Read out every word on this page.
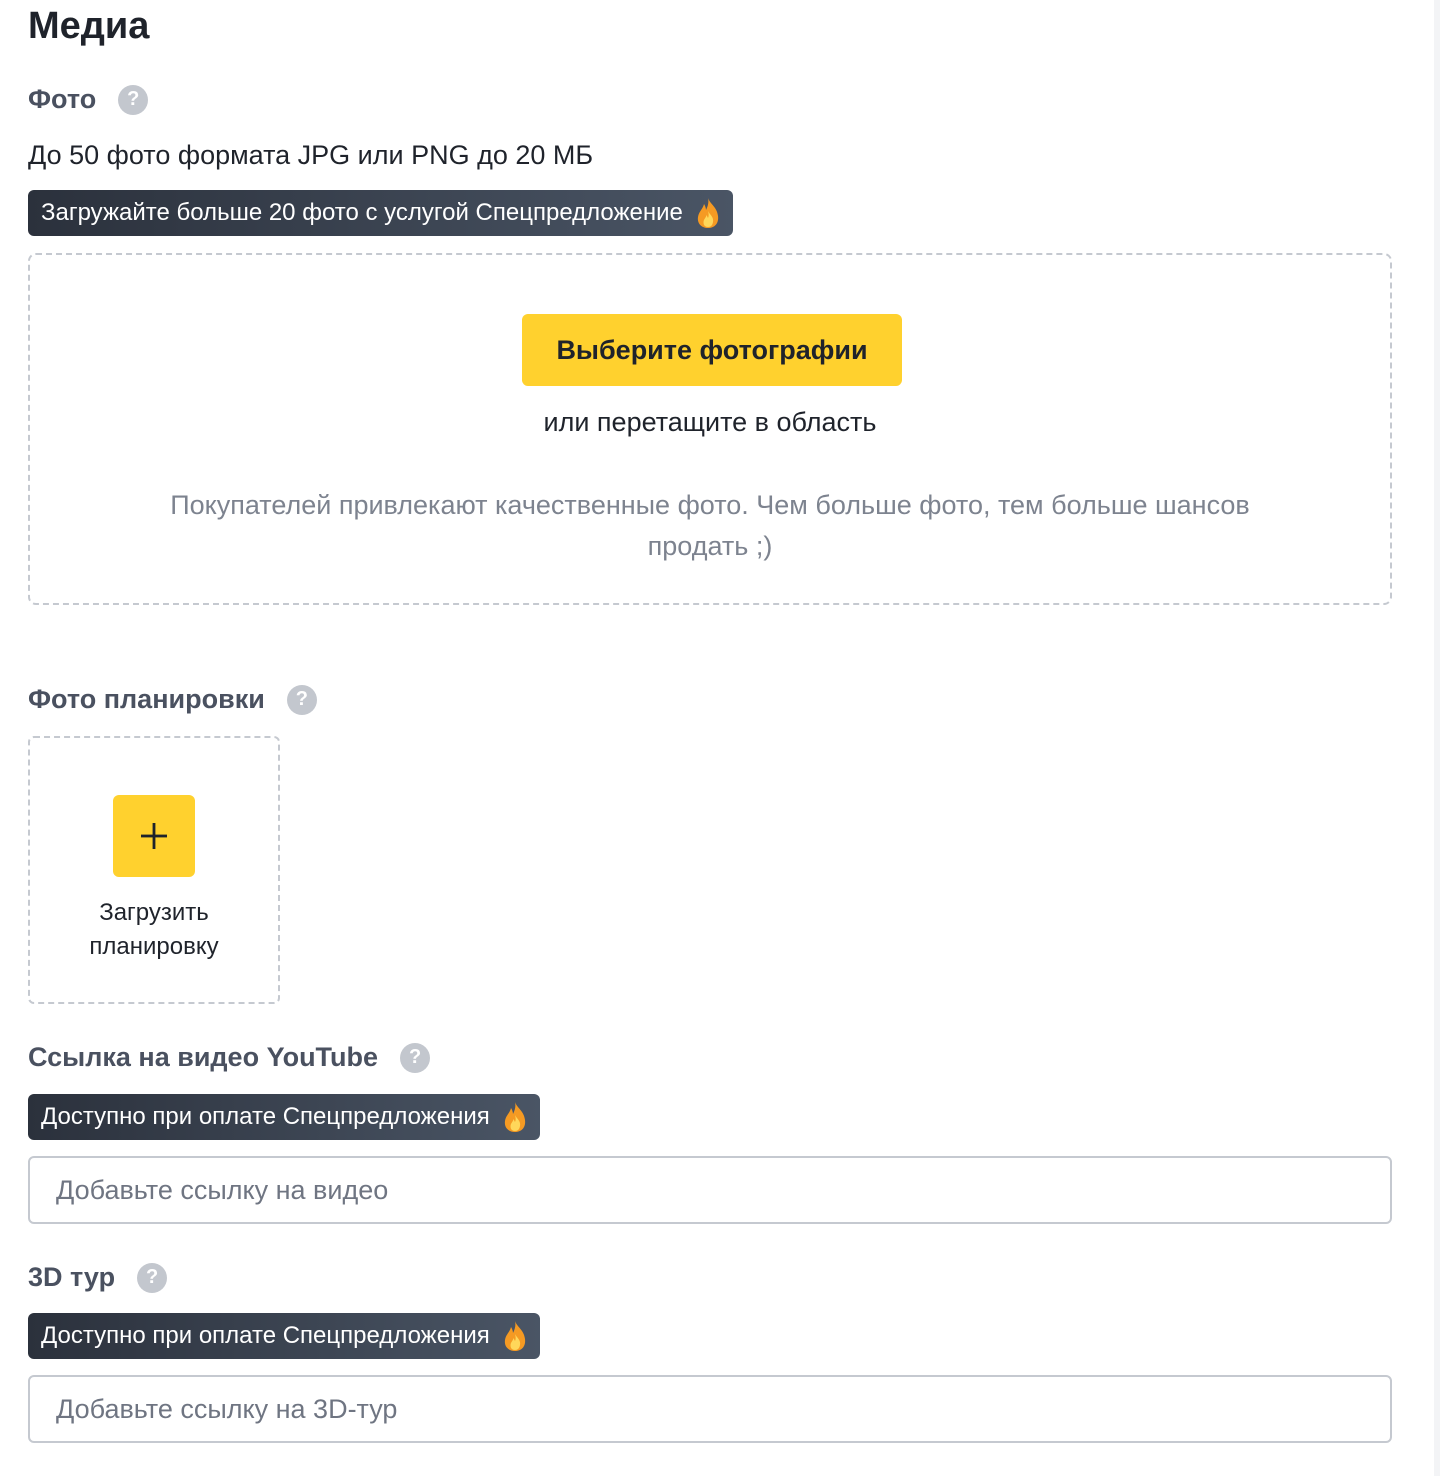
Медиа
Фото	?
До 50 фото формата JPG или PNG до 20 МБ
Загружайте больше 20 фото с услугой Спецпредложение
Выберите фотографии
или перетащите в область
Покупателей привлекают качественные фото. Чем больше фото, тем больше шансов продать ;)
Фото планировки	?
Загрузить
планировку
Ссылка на видео YouTube	?
Доступно при оплате Спецпредложения
Добавьте ссылку на видео
3D тур	?
Доступно при оплате Спецпредложения
Добавьте ссылку на 3D-тур
